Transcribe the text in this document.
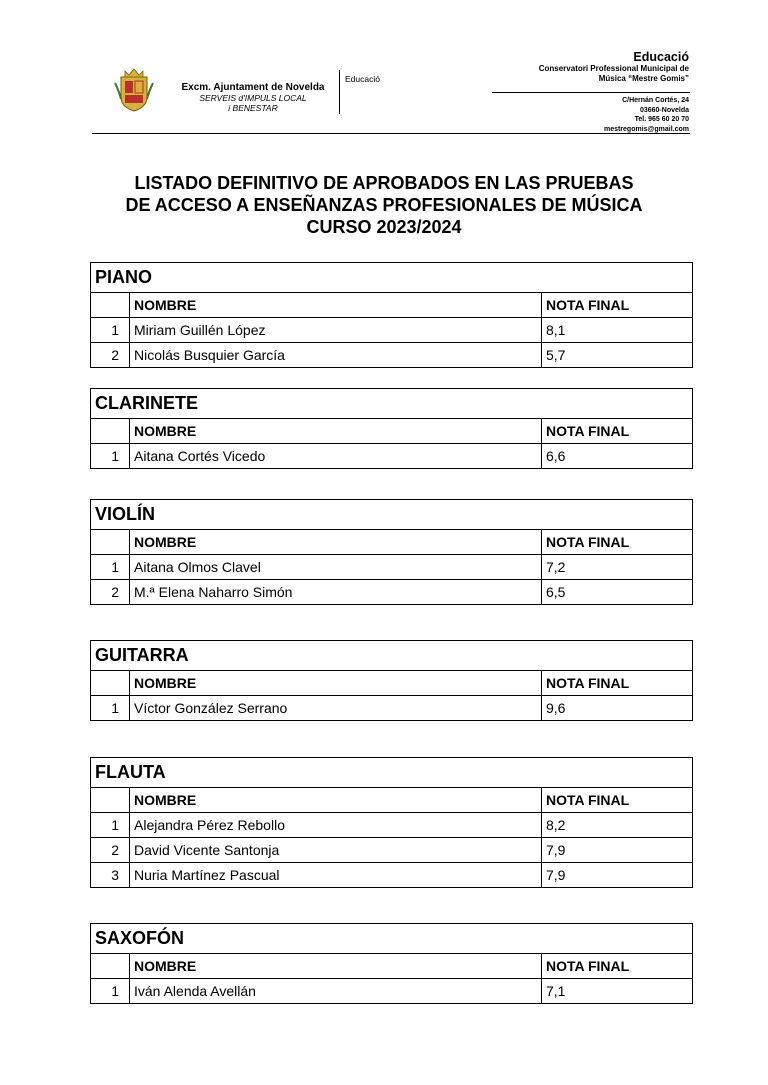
Excm. Ajuntament de Novelda
SERVEIS d'IMPULS LOCAL
i BENESTAR
Educació
Educació
Conservatori Professional Municipal de
Música “Mestre Gomis”
C/Hernán Cortés, 24
03660-Novelda
Tel. 965 60 20 70
mestregomis@gmail.com
LISTADO DEFINITIVO DE APROBADOS EN LAS PRUEBAS
DE ACCESO A ENSEÑANZAS PROFESIONALES DE MÚSICA
CURSO 2023/2024
PIANO		
	NOMBRE	NOTA FINAL
1	Miriam Guillén López	8,1
2	Nicolás Busquier García	5,7
CLARINETE		
	NOMBRE	NOTA FINAL
1	Aitana Cortés Vicedo	6,6
VIOLÍN		
	NOMBRE	NOTA FINAL
1	Aitana Olmos Clavel	7,2
2	M.ª Elena Naharro Simón	6,5
GUITARRA		
	NOMBRE	NOTA FINAL
1	Víctor González Serrano	9,6
FLAUTA		
	NOMBRE	NOTA FINAL
1	Alejandra Pérez Rebollo	8,2
2	David Vicente Santonja	7,9
3	Nuria Martínez Pascual	7,9
SAXOFÓN		
	NOMBRE	NOTA FINAL
1	Iván Alenda Avellán	7,1
